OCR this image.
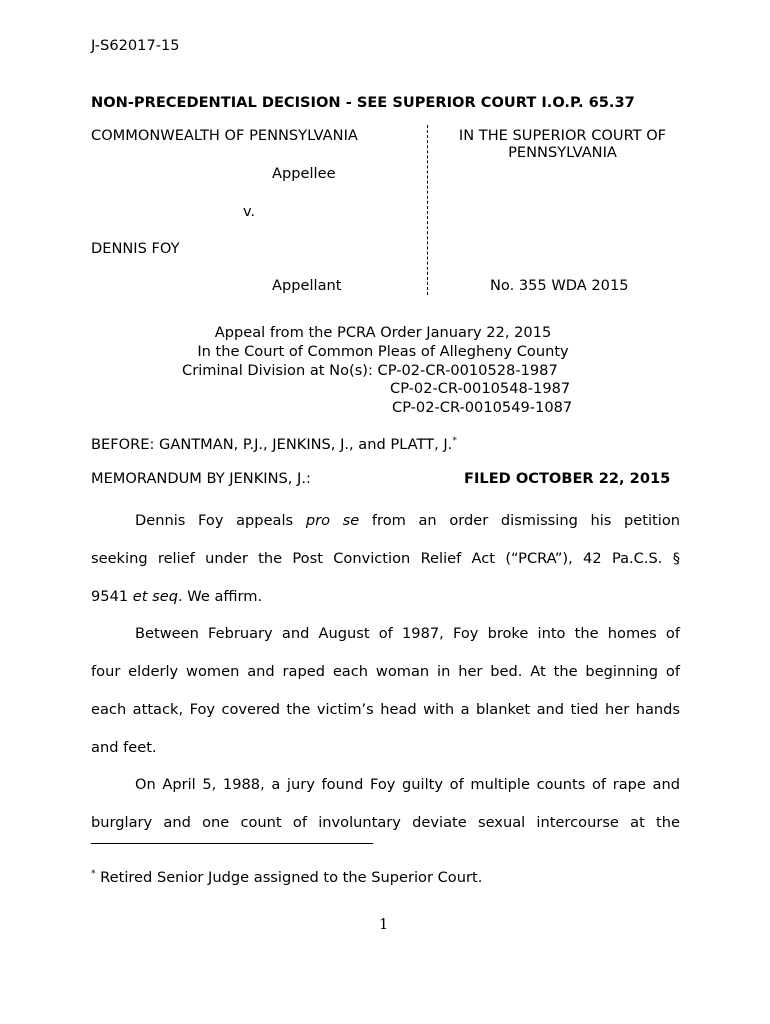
J-S62017-15
NON-PRECEDENTIAL DECISION - SEE SUPERIOR COURT I.O.P. 65.37
COMMONWEALTH OF PENNSYLVANIA
Appellee
v.
DENNIS FOY
Appellant
IN THE SUPERIOR COURT OF
PENNSYLVANIA
No. 355 WDA 2015
Appeal from the PCRA Order January 22, 2015
In the Court of Common Pleas of Allegheny County
Criminal Division at No(s): CP-02-CR-0010528-1987
CP-02-CR-0010548-1987
CP-02-CR-0010549-1087
BEFORE: GANTMAN, P.J., JENKINS, J., and PLATT, J.*
MEMORANDUM BY JENKINS, J.:	FILED OCTOBER 22, 2015
Dennis Foy appeals pro se from an order dismissing his petition
seeking relief under the Post Conviction Relief Act (“PCRA”), 42 Pa.C.S. §
9541 et seq. We affirm.
Between February and August of 1987, Foy broke into the homes of
four elderly women and raped each woman in her bed. At the beginning of
each attack, Foy covered the victim’s head with a blanket and tied her hands
and feet.
On April 5, 1988, a jury found Foy guilty of multiple counts of rape and
burglary and one count of involuntary deviate sexual intercourse at the
* Retired Senior Judge assigned to the Superior Court.
1
